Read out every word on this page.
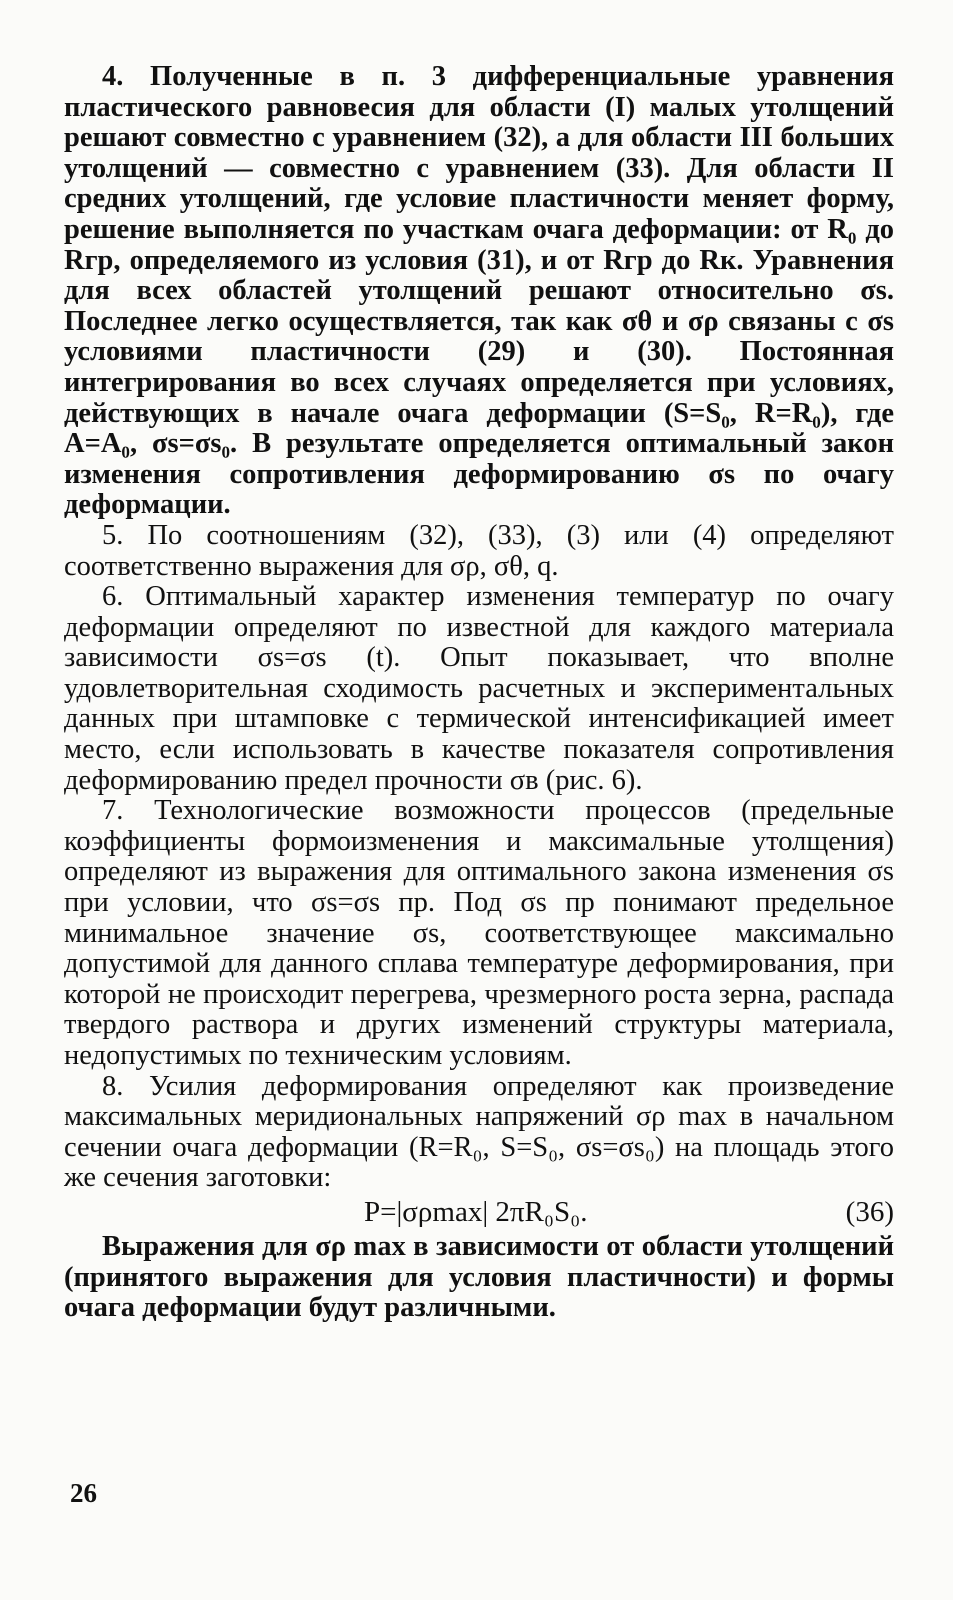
4. Полученные в п. 3 дифференциальные уравнения пластического равновесия для области (I) малых утолщений решают совместно с уравнением (32), а для области III больших утолщений — совместно с уравнением (33). Для области II средних утолщений, где условие пластичности меняет форму, решение выполняется по участкам очага деформации: от R₀ до Rгр, определяемого из условия (31), и от Rгр до Rк. Уравнения для всех областей утолщений решают относительно σs. Последнее легко осуществляется, так как σθ и σρ связаны с σs условиями пластичности (29) и (30). Постоянная интегрирования во всех случаях определяется при условиях, действующих в начале очага деформации (S=S₀, R=R₀), где A=A₀, σs=σs₀. В результате определяется оптимальный закон изменения сопротивления деформированию σs по очагу деформации.

5. По соотношениям (32), (33), (3) или (4) определяют соответственно выражения для σρ, σθ, q.

6. Оптимальный характер изменения температур по очагу деформации определяют по известной для каждого материала зависимости σs=σs (t). Опыт показывает, что вполне удовлетворительная сходимость расчетных и экспериментальных данных при штамповке с термической интенсификацией имеет место, если использовать в качестве показателя сопротивления деформированию предел прочности σв (рис. 6).

7. Технологические возможности процессов (предельные коэффициенты формоизменения и максимальные утолщения) определяют из выражения для оптимального закона изменения σs при условии, что σs=σs пр. Под σs пр понимают предельное минимальное значение σs, соответствующее максимально допустимой для данного сплава температуре деформирования, при которой не происходит перегрева, чрезмерного роста зерна, распада твердого раствора и других изменений структуры материала, недопустимых по техническим условиям.

8. Усилия деформирования определяют как произведение максимальных меридиональных напряжений σρ max в начальном сечении очага деформации (R=R₀, S=S₀, σs=σs₀) на площадь этого же сечения заготовки:

P=|σρmax| 2πR₀S₀.	(36)

Выражения для σρ max в зависимости от области утолщений (принятого выражения для условия пластичности) и формы очага деформации будут различными.

26
